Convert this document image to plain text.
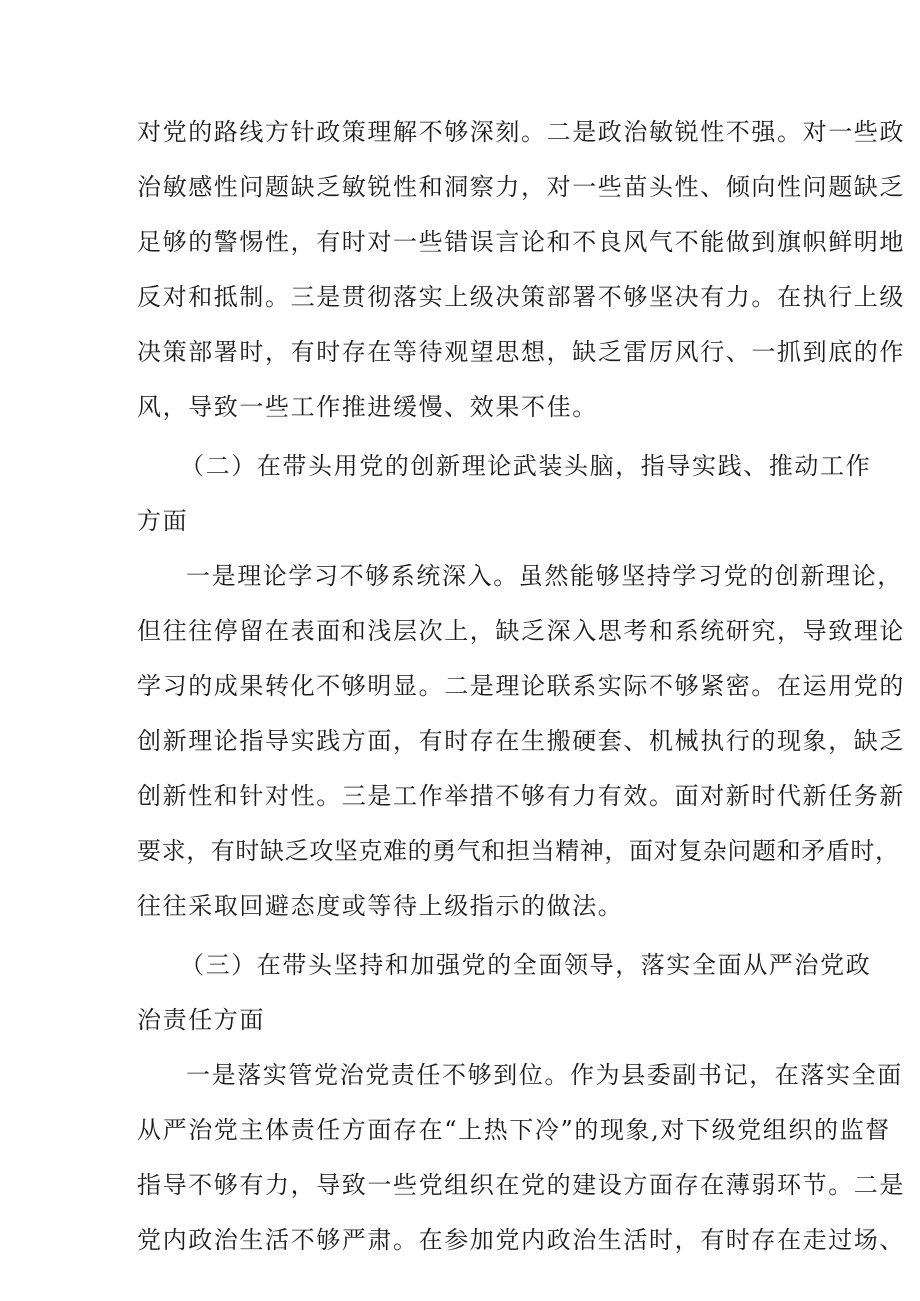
对党的路线方针政策理解不够深刻。二是政治敏锐性不强。对一些政
治敏感性问题缺乏敏锐性和洞察力，对一些苗头性、倾向性问题缺乏
足够的警惕性，有时对一些错误言论和不良风气不能做到旗帜鲜明地
反对和抵制。三是贯彻落实上级决策部署不够坚决有力。在执行上级
决策部署时，有时存在等待观望思想，缺乏雷厉风行、一抓到底的作
风，导致一些工作推进缓慢、效果不佳。
（二）在带头用党的创新理论武装头脑，指导实践、推动工作
方面
一是理论学习不够系统深入。虽然能够坚持学习党的创新理论，
但往往停留在表面和浅层次上，缺乏深入思考和系统研究，导致理论
学习的成果转化不够明显。二是理论联系实际不够紧密。在运用党的
创新理论指导实践方面，有时存在生搬硬套、机械执行的现象，缺乏
创新性和针对性。三是工作举措不够有力有效。面对新时代新任务新
要求，有时缺乏攻坚克难的勇气和担当精神，面对复杂问题和矛盾时，
往往采取回避态度或等待上级指示的做法。
（三）在带头坚持和加强党的全面领导，落实全面从严治党政
治责任方面
一是落实管党治党责任不够到位。作为县委副书记，在落实全面
从严治党主体责任方面存在“上热下冷”的现象,对下级党组织的监督
指导不够有力，导致一些党组织在党的建设方面存在薄弱环节。二是
党内政治生活不够严肃。在参加党内政治生活时，有时存在走过场、
